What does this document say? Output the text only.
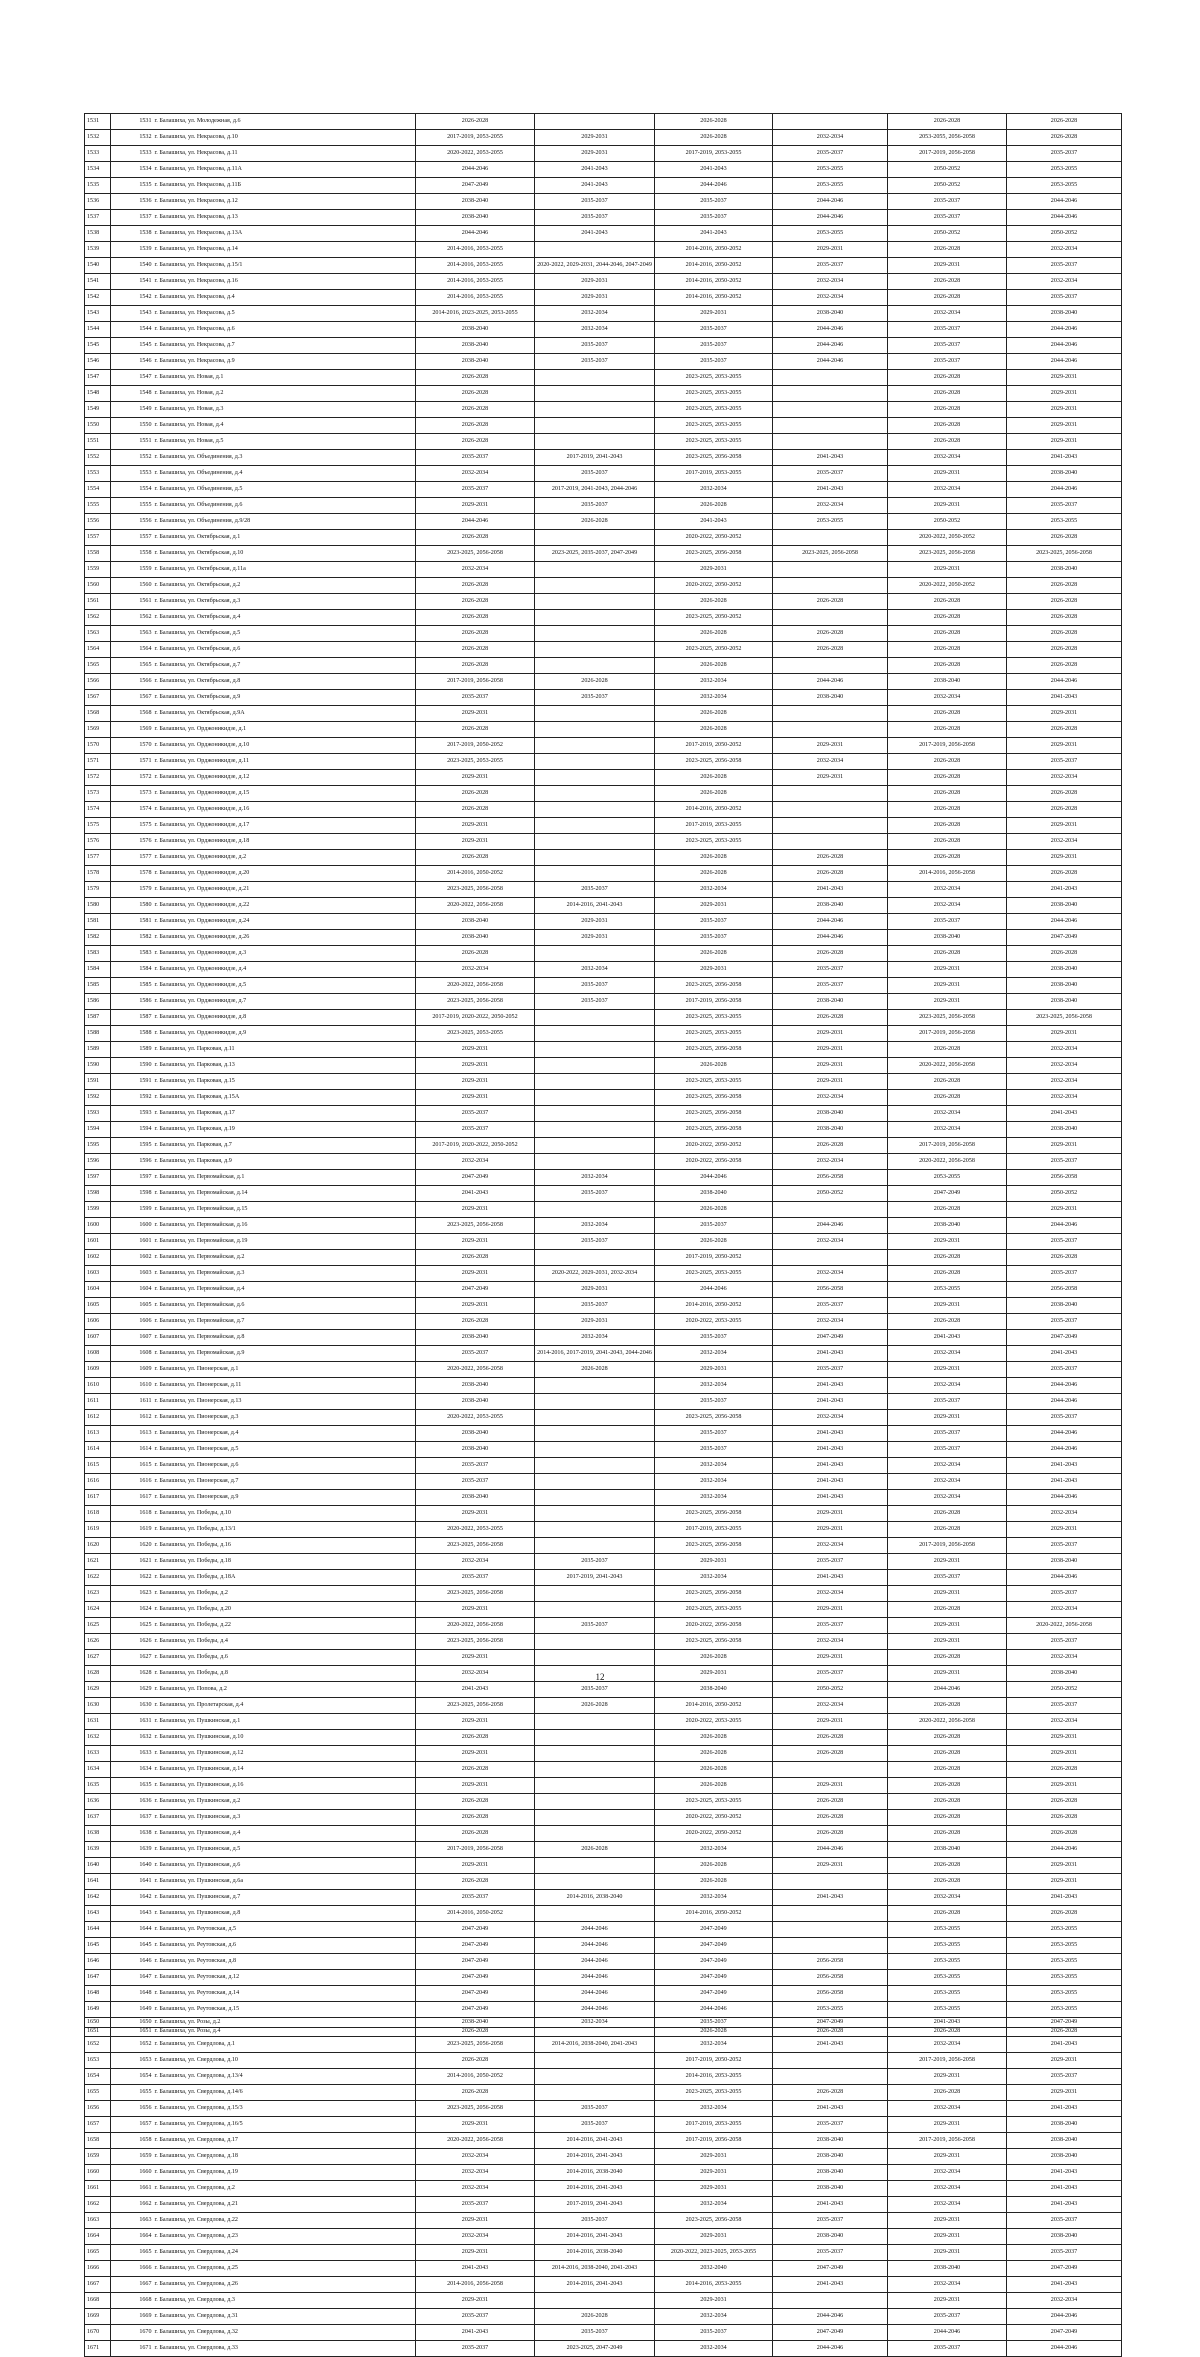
1531	1531	г. Балашиха, ул. Молодежная, д.6	2026-2028		2026-2028		2026-2028	2026-2028
1532	1532	г. Балашиха, ул. Некрасова, д.10	2017-2019, 2053-2055	2029-2031	2026-2028	2032-2034	2053-2055, 2056-2058	2026-2028
1533	1533	г. Балашиха, ул. Некрасова, д.11	2020-2022, 2053-2055	2029-2031	2017-2019, 2053-2055	2035-2037	2017-2019, 2056-2058	2035-2037
1534	1534	г. Балашиха, ул. Некрасова, д.11А	2044-2046	2041-2043	2041-2043	2053-2055	2050-2052	2053-2055
1535	1535	г. Балашиха, ул. Некрасова, д.11Б	2047-2049	2041-2043	2044-2046	2053-2055	2050-2052	2053-2055
1536	1536	г. Балашиха, ул. Некрасова, д.12	2038-2040	2035-2037	2035-2037	2044-2046	2035-2037	2044-2046
1537	1537	г. Балашиха, ул. Некрасова, д.13	2038-2040	2035-2037	2035-2037	2044-2046	2035-2037	2044-2046
1538	1538	г. Балашиха, ул. Некрасова, д.13А	2044-2046	2041-2043	2041-2043	2053-2055	2050-2052	2050-2052
1539	1539	г. Балашиха, ул. Некрасова, д.14	2014-2016, 2053-2055		2014-2016, 2050-2052	2029-2031	2026-2028	2032-2034
1540	1540	г. Балашиха, ул. Некрасова, д.15/1	2014-2016, 2053-2055	2020-2022, 2029-2031, 2044-2046, 2047-2049	2014-2016, 2050-2052	2035-2037	2029-2031	2035-2037
1541	1541	г. Балашиха, ул. Некрасова, д.16	2014-2016, 2053-2055	2029-2031	2014-2016, 2050-2052	2032-2034	2026-2028	2032-2034
1542	1542	г. Балашиха, ул. Некрасова, д.4	2014-2016, 2053-2055	2029-2031	2014-2016, 2050-2052	2032-2034	2026-2028	2035-2037
1543	1543	г. Балашиха, ул. Некрасова, д.5	2014-2016, 2023-2025, 2053-2055	2032-2034	2029-2031	2038-2040	2032-2034	2038-2040
1544	1544	г. Балашиха, ул. Некрасова, д.6	2038-2040	2032-2034	2035-2037	2044-2046	2035-2037	2044-2046
1545	1545	г. Балашиха, ул. Некрасова, д.7	2038-2040	2035-2037	2035-2037	2044-2046	2035-2037	2044-2046
1546	1546	г. Балашиха, ул. Некрасова, д.9	2038-2040	2035-2037	2035-2037	2044-2046	2035-2037	2044-2046
1547	1547	г. Балашиха, ул. Новая, д.1	2026-2028		2023-2025, 2053-2055		2026-2028	2029-2031
1548	1548	г. Балашиха, ул. Новая, д.2	2026-2028		2023-2025, 2053-2055		2026-2028	2029-2031
1549	1549	г. Балашиха, ул. Новая, д.3	2026-2028		2023-2025, 2053-2055		2026-2028	2029-2031
1550	1550	г. Балашиха, ул. Новая, д.4	2026-2028		2023-2025, 2053-2055		2026-2028	2029-2031
1551	1551	г. Балашиха, ул. Новая, д.5	2026-2028		2023-2025, 2053-2055		2026-2028	2029-2031
1552	1552	г. Балашиха, ул. Объединения, д.3	2035-2037	2017-2019, 2041-2043	2023-2025, 2056-2058	2041-2043	2032-2034	2041-2043
1553	1553	г. Балашиха, ул. Объединения, д.4	2032-2034	2035-2037	2017-2019, 2053-2055	2035-2037	2029-2031	2038-2040
1554	1554	г. Балашиха, ул. Объединения, д.5	2035-2037	2017-2019, 2041-2043, 2044-2046	2032-2034	2041-2043	2032-2034	2044-2046
1555	1555	г. Балашиха, ул. Объединения, д.6	2029-2031	2035-2037	2026-2028	2032-2034	2029-2031	2035-2037
1556	1556	г. Балашиха, ул. Объединения, д.9/28	2044-2046	2026-2028	2041-2043	2053-2055	2050-2052	2053-2055
1557	1557	г. Балашиха, ул. Октябрьская, д.1	2026-2028		2020-2022, 2050-2052		2020-2022, 2050-2052	2026-2028
1558	1558	г. Балашиха, ул. Октябрьская, д.10	2023-2025, 2056-2058	2023-2025, 2035-2037, 2047-2049	2023-2025, 2056-2058	2023-2025, 2056-2058	2023-2025, 2056-2058	2023-2025, 2056-2058
1559	1559	г. Балашиха, ул. Октябрьская, д.11а	2032-2034		2029-2031		2029-2031	2038-2040
1560	1560	г. Балашиха, ул. Октябрьская, д.2	2026-2028		2020-2022, 2050-2052		2020-2022, 2050-2052	2026-2028
1561	1561	г. Балашиха, ул. Октябрьская, д.3	2026-2028		2026-2028	2026-2028	2026-2028	2026-2028
1562	1562	г. Балашиха, ул. Октябрьская, д.4	2026-2028		2023-2025, 2050-2052		2026-2028	2026-2028
1563	1563	г. Балашиха, ул. Октябрьская, д.5	2026-2028		2026-2028	2026-2028	2026-2028	2026-2028
1564	1564	г. Балашиха, ул. Октябрьская, д.6	2026-2028		2023-2025, 2050-2052	2026-2028	2026-2028	2026-2028
1565	1565	г. Балашиха, ул. Октябрьская, д.7	2026-2028		2026-2028		2026-2028	2026-2028
1566	1566	г. Балашиха, ул. Октябрьская, д.8	2017-2019, 2056-2058	2026-2028	2032-2034	2044-2046	2038-2040	2044-2046
1567	1567	г. Балашиха, ул. Октябрьская, д.9	2035-2037	2035-2037	2032-2034	2038-2040	2032-2034	2041-2043
1568	1568	г. Балашиха, ул. Октябрьская, д.9А	2029-2031		2026-2028		2026-2028	2029-2031
1569	1569	г. Балашиха, ул. Орджоникидзе, д.1	2026-2028		2026-2028		2026-2028	2026-2028
1570	1570	г. Балашиха, ул. Орджоникидзе, д.10	2017-2019, 2050-2052		2017-2019, 2050-2052	2029-2031	2017-2019, 2056-2058	2029-2031
1571	1571	г. Балашиха, ул. Орджоникидзе, д.11	2023-2025, 2053-2055		2023-2025, 2056-2058	2032-2034	2026-2028	2035-2037
1572	1572	г. Балашиха, ул. Орджоникидзе, д.12	2029-2031		2026-2028	2029-2031	2026-2028	2032-2034
1573	1573	г. Балашиха, ул. Орджоникидзе, д.15	2026-2028		2026-2028		2026-2028	2026-2028
1574	1574	г. Балашиха, ул. Орджоникидзе, д.16	2026-2028		2014-2016, 2050-2052		2026-2028	2026-2028
1575	1575	г. Балашиха, ул. Орджоникидзе, д.17	2029-2031		2017-2019, 2053-2055		2026-2028	2029-2031
1576	1576	г. Балашиха, ул. Орджоникидзе, д.18	2029-2031		2023-2025, 2053-2055		2026-2028	2032-2034
1577	1577	г. Балашиха, ул. Орджоникидзе, д.2	2026-2028		2026-2028	2026-2028	2026-2028	2029-2031
1578	1578	г. Балашиха, ул. Орджоникидзе, д.20	2014-2016, 2050-2052		2026-2028	2026-2028	2014-2016, 2056-2058	2026-2028
1579	1579	г. Балашиха, ул. Орджоникидзе, д.21	2023-2025, 2056-2058	2035-2037	2032-2034	2041-2043	2032-2034	2041-2043
1580	1580	г. Балашиха, ул. Орджоникидзе, д.22	2020-2022, 2056-2058	2014-2016, 2041-2043	2029-2031	2038-2040	2032-2034	2038-2040
1581	1581	г. Балашиха, ул. Орджоникидзе, д.24	2038-2040	2029-2031	2035-2037	2044-2046	2035-2037	2044-2046
1582	1582	г. Балашиха, ул. Орджоникидзе, д.26	2038-2040	2029-2031	2035-2037	2044-2046	2038-2040	2047-2049
1583	1583	г. Балашиха, ул. Орджоникидзе, д.3	2026-2028		2026-2028	2026-2028	2026-2028	2026-2028
1584	1584	г. Балашиха, ул. Орджоникидзе, д.4	2032-2034	2032-2034	2029-2031	2035-2037	2029-2031	2038-2040
1585	1585	г. Балашиха, ул. Орджоникидзе, д.5	2020-2022, 2056-2058	2035-2037	2023-2025, 2056-2058	2035-2037	2029-2031	2038-2040
1586	1586	г. Балашиха, ул. Орджоникидзе, д.7	2023-2025, 2056-2058	2035-2037	2017-2019, 2056-2058	2038-2040	2029-2031	2038-2040
1587	1587	г. Балашиха, ул. Орджоникидзе, д.8	2017-2019, 2020-2022, 2050-2052		2023-2025, 2053-2055	2026-2028	2023-2025, 2056-2058	2023-2025, 2056-2058
1588	1588	г. Балашиха, ул. Орджоникидзе, д.9	2023-2025, 2053-2055		2023-2025, 2053-2055	2029-2031	2017-2019, 2056-2058	2029-2031
1589	1589	г. Балашиха, ул. Парковая, д.11	2029-2031		2023-2025, 2056-2058	2029-2031	2026-2028	2032-2034
1590	1590	г. Балашиха, ул. Парковая, д.13	2029-2031		2026-2028	2029-2031	2020-2022, 2056-2058	2032-2034
1591	1591	г. Балашиха, ул. Парковая, д.15	2029-2031		2023-2025, 2053-2055	2029-2031	2026-2028	2032-2034
1592	1592	г. Балашиха, ул. Парковая, д.15А	2029-2031		2023-2025, 2056-2058	2032-2034	2026-2028	2032-2034
1593	1593	г. Балашиха, ул. Парковая, д.17	2035-2037		2023-2025, 2056-2058	2038-2040	2032-2034	2041-2043
1594	1594	г. Балашиха, ул. Парковая, д.19	2035-2037		2023-2025, 2056-2058	2038-2040	2032-2034	2038-2040
1595	1595	г. Балашиха, ул. Парковая, д.7	2017-2019, 2020-2022, 2050-2052		2020-2022, 2050-2052	2026-2028	2017-2019, 2056-2058	2029-2031
1596	1596	г. Балашиха, ул. Парковая, д.9	2032-2034		2020-2022, 2056-2058	2032-2034	2020-2022, 2056-2058	2035-2037
1597	1597	г. Балашиха, ул. Первомайская, д.1	2047-2049	2032-2034	2044-2046	2056-2058	2053-2055	2056-2058
1598	1598	г. Балашиха, ул. Первомайская, д.14	2041-2043	2035-2037	2038-2040	2050-2052	2047-2049	2050-2052
1599	1599	г. Балашиха, ул. Первомайская, д.15	2029-2031		2026-2028		2026-2028	2029-2031
1600	1600	г. Балашиха, ул. Первомайская, д.16	2023-2025, 2056-2058	2032-2034	2035-2037	2044-2046	2038-2040	2044-2046
1601	1601	г. Балашиха, ул. Первомайская, д.19	2029-2031	2035-2037	2026-2028	2032-2034	2029-2031	2035-2037
1602	1602	г. Балашиха, ул. Первомайская, д.2	2026-2028		2017-2019, 2050-2052		2026-2028	2026-2028
1603	1603	г. Балашиха, ул. Первомайская, д.3	2029-2031	2020-2022, 2029-2031, 2032-2034	2023-2025, 2053-2055	2032-2034	2026-2028	2035-2037
1604	1604	г. Балашиха, ул. Первомайская, д.4	2047-2049	2029-2031	2044-2046	2056-2058	2053-2055	2056-2058
1605	1605	г. Балашиха, ул. Первомайская, д.6	2029-2031	2035-2037	2014-2016, 2050-2052	2035-2037	2029-2031	2038-2040
1606	1606	г. Балашиха, ул. Первомайская, д.7	2026-2028	2029-2031	2020-2022, 2053-2055	2032-2034	2026-2028	2035-2037
1607	1607	г. Балашиха, ул. Первомайская, д.8	2038-2040	2032-2034	2035-2037	2047-2049	2041-2043	2047-2049
1608	1608	г. Балашиха, ул. Первомайская, д.9	2035-2037	2014-2016, 2017-2019, 2041-2043, 2044-2046	2032-2034	2041-2043	2032-2034	2041-2043
1609	1609	г. Балашиха, ул. Пионерская, д.1	2020-2022, 2056-2058	2026-2028	2029-2031	2035-2037	2029-2031	2035-2037
1610	1610	г. Балашиха, ул. Пионерская, д.11	2038-2040		2032-2034	2041-2043	2032-2034	2044-2046
1611	1611	г. Балашиха, ул. Пионерская, д.13	2038-2040		2035-2037	2041-2043	2035-2037	2044-2046
1612	1612	г. Балашиха, ул. Пионерская, д.3	2020-2022, 2053-2055		2023-2025, 2056-2058	2032-2034	2029-2031	2035-2037
1613	1613	г. Балашиха, ул. Пионерская, д.4	2038-2040		2035-2037	2041-2043	2035-2037	2044-2046
1614	1614	г. Балашиха, ул. Пионерская, д.5	2038-2040		2035-2037	2041-2043	2035-2037	2044-2046
1615	1615	г. Балашиха, ул. Пионерская, д.6	2035-2037		2032-2034	2041-2043	2032-2034	2041-2043
1616	1616	г. Балашиха, ул. Пионерская, д.7	2035-2037		2032-2034	2041-2043	2032-2034	2041-2043
1617	1617	г. Балашиха, ул. Пионерская, д.9	2038-2040		2032-2034	2041-2043	2032-2034	2044-2046
1618	1618	г. Балашиха, ул. Победы, д.10	2029-2031		2023-2025, 2056-2058	2029-2031	2026-2028	2032-2034
1619	1619	г. Балашиха, ул. Победы, д.13/1	2020-2022, 2053-2055		2017-2019, 2053-2055	2029-2031	2026-2028	2029-2031
1620	1620	г. Балашиха, ул. Победы, д.16	2023-2025, 2056-2058		2023-2025, 2056-2058	2032-2034	2017-2019, 2056-2058	2035-2037
1621	1621	г. Балашиха, ул. Победы, д.18	2032-2034	2035-2037	2029-2031	2035-2037	2029-2031	2038-2040
1622	1622	г. Балашиха, ул. Победы, д.18А	2035-2037	2017-2019, 2041-2043	2032-2034	2041-2043	2035-2037	2044-2046
1623	1623	г. Балашиха, ул. Победы, д.2	2023-2025, 2056-2058		2023-2025, 2056-2058	2032-2034	2029-2031	2035-2037
1624	1624	г. Балашиха, ул. Победы, д.20	2029-2031		2023-2025, 2053-2055	2029-2031	2026-2028	2032-2034
1625	1625	г. Балашиха, ул. Победы, д.22	2020-2022, 2056-2058	2035-2037	2020-2022, 2056-2058	2035-2037	2029-2031	2020-2022, 2056-2058
1626	1626	г. Балашиха, ул. Победы, д.4	2023-2025, 2056-2058		2023-2025, 2056-2058	2032-2034	2029-2031	2035-2037
1627	1627	г. Балашиха, ул. Победы, д.6	2029-2031		2026-2028	2029-2031	2026-2028	2032-2034
1628	1628	г. Балашиха, ул. Победы, д.8	2032-2034		2029-2031	2035-2037	2029-2031	2038-2040
1629	1629	г. Балашиха, ул. Попова, д.2	2041-2043	2035-2037	2038-2040	2050-2052	2044-2046	2050-2052
1630	1630	г. Балашиха, ул. Пролетарская, д.4	2023-2025, 2056-2058	2026-2028	2014-2016, 2050-2052	2032-2034	2026-2028	2035-2037
1631	1631	г. Балашиха, ул. Пушкинская, д.1	2029-2031		2020-2022, 2053-2055	2029-2031	2020-2022, 2056-2058	2032-2034
1632	1632	г. Балашиха, ул. Пушкинская, д.10	2026-2028		2026-2028	2026-2028	2026-2028	2029-2031
1633	1633	г. Балашиха, ул. Пушкинская, д.12	2029-2031		2026-2028	2026-2028	2026-2028	2029-2031
1634	1634	г. Балашиха, ул. Пушкинская, д.14	2026-2028		2026-2028		2026-2028	2026-2028
1635	1635	г. Балашиха, ул. Пушкинская, д.16	2029-2031		2026-2028	2029-2031	2026-2028	2029-2031
1636	1636	г. Балашиха, ул. Пушкинская, д.2	2026-2028		2023-2025, 2053-2055	2026-2028	2026-2028	2026-2028
1637	1637	г. Балашиха, ул. Пушкинская, д.3	2026-2028		2020-2022, 2050-2052	2026-2028	2026-2028	2026-2028
1638	1638	г. Балашиха, ул. Пушкинская, д.4	2026-2028		2020-2022, 2050-2052	2026-2028	2026-2028	2026-2028
1639	1639	г. Балашиха, ул. Пушкинская, д.5	2017-2019, 2056-2058	2026-2028	2032-2034	2044-2046	2038-2040	2044-2046
1640	1640	г. Балашиха, ул. Пушкинская, д.6	2029-2031		2026-2028	2029-2031	2026-2028	2029-2031
1641	1641	г. Балашиха, ул. Пушкинская, д.6а	2026-2028		2026-2028		2026-2028	2029-2031
1642	1642	г. Балашиха, ул. Пушкинская, д.7	2035-2037	2014-2016, 2038-2040	2032-2034	2041-2043	2032-2034	2041-2043
1643	1643	г. Балашиха, ул. Пушкинская, д.8	2014-2016, 2050-2052		2014-2016, 2050-2052		2026-2028	2026-2028
1644	1644	г. Балашиха, ул. Реутовская, д.5	2047-2049	2044-2046	2047-2049		2053-2055	2053-2055
1645	1645	г. Балашиха, ул. Реутовская, д.6	2047-2049	2044-2046	2047-2049		2053-2055	2053-2055
1646	1646	г. Балашиха, ул. Реутовская, д.8	2047-2049	2044-2046	2047-2049	2056-2058	2053-2055	2053-2055
1647	1647	г. Балашиха, ул. Реутовская, д.12	2047-2049	2044-2046	2047-2049	2056-2058	2053-2055	2053-2055
1648	1648	г. Балашиха, ул. Реутовская, д.14	2047-2049	2044-2046	2047-2049	2056-2058	2053-2055	2053-2055
1649	1649	г. Балашиха, ул. Реутовская, д.15	2047-2049	2044-2046	2044-2046	2053-2055	2053-2055	2053-2055
1650	1650	г. Балашиха, ул. Розы, д.2	2038-2040	2032-2034	2035-2037	2047-2049	2041-2043	2047-2049
1651	1651	г. Балашиха, ул. Розы, д.4	2026-2028		2026-2028	2026-2028	2026-2028	2026-2028
1652	1652	г. Балашиха, ул. Свердлова, д.1	2023-2025, 2056-2058	2014-2016, 2038-2040, 2041-2043	2032-2034	2041-2043	2032-2034	2041-2043
1653	1653	г. Балашиха, ул. Свердлова, д.10	2026-2028		2017-2019, 2050-2052		2017-2019, 2056-2058	2029-2031
1654	1654	г. Балашиха, ул. Свердлова, д.13/4	2014-2016, 2050-2052		2014-2016, 2053-2055		2029-2031	2035-2037
1655	1655	г. Балашиха, ул. Свердлова, д.14/6	2026-2028		2023-2025, 2053-2055	2026-2028	2026-2028	2029-2031
1656	1656	г. Балашиха, ул. Свердлова, д.15/3	2023-2025, 2056-2058	2035-2037	2032-2034	2041-2043	2032-2034	2041-2043
1657	1657	г. Балашиха, ул. Свердлова, д.16/5	2029-2031	2035-2037	2017-2019, 2053-2055	2035-2037	2029-2031	2038-2040
1658	1658	г. Балашиха, ул. Свердлова, д.17	2020-2022, 2056-2058	2014-2016, 2041-2043	2017-2019, 2056-2058	2038-2040	2017-2019, 2056-2058	2038-2040
1659	1659	г. Балашиха, ул. Свердлова, д.18	2032-2034	2014-2016, 2041-2043	2029-2031	2038-2040	2029-2031	2038-2040
1660	1660	г. Балашиха, ул. Свердлова, д.19	2032-2034	2014-2016, 2038-2040	2029-2031	2038-2040	2032-2034	2041-2043
1661	1661	г. Балашиха, ул. Свердлова, д.2	2032-2034	2014-2016, 2041-2043	2029-2031	2038-2040	2032-2034	2041-2043
1662	1662	г. Балашиха, ул. Свердлова, д.21	2035-2037	2017-2019, 2041-2043	2032-2034	2041-2043	2032-2034	2041-2043
1663	1663	г. Балашиха, ул. Свердлова, д.22	2029-2031	2035-2037	2023-2025, 2056-2058	2035-2037	2029-2031	2035-2037
1664	1664	г. Балашиха, ул. Свердлова, д.23	2032-2034	2014-2016, 2041-2043	2029-2031	2038-2040	2029-2031	2038-2040
1665	1665	г. Балашиха, ул. Свердлова, д.24	2029-2031	2014-2016, 2038-2040	2020-2022, 2023-2025, 2053-2055	2035-2037	2029-2031	2035-2037
1666	1666	г. Балашиха, ул. Свердлова, д.25	2041-2043	2014-2016, 2038-2040, 2041-2043	2032-2040	2047-2049	2038-2040	2047-2049
1667	1667	г. Балашиха, ул. Свердлова, д.26	2014-2016, 2056-2058	2014-2016, 2041-2043	2014-2016, 2053-2055	2041-2043	2032-2034	2041-2043
1668	1668	г. Балашиха, ул. Свердлова, д.3	2029-2031		2029-2031		2029-2031	2032-2034
1669	1669	г. Балашиха, ул. Свердлова, д.31	2035-2037	2026-2028	2032-2034	2044-2046	2035-2037	2044-2046
1670	1670	г. Балашиха, ул. Свердлова, д.32	2041-2043	2035-2037	2035-2037	2047-2049	2044-2046	2047-2049
1671	1671	г. Балашиха, ул. Свердлова, д.33	2035-2037	2023-2025, 2047-2049	2032-2034	2044-2046	2035-2037	2044-2046
12
